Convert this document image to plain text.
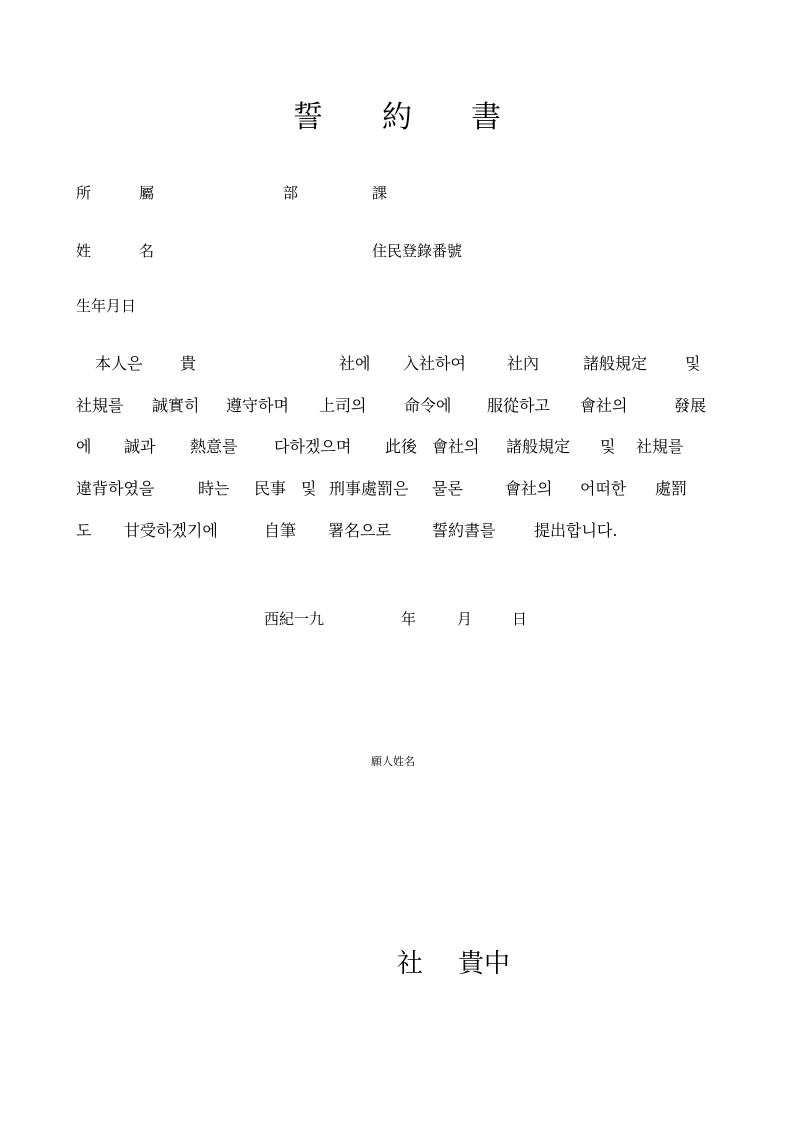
誓 約 書
所	屬	部	課
姓	名	住民登錄番號
生年月日
本人은 貴	社에 入社하여	社內	諸般規定 및
社規를 誠實히 遵守하며 上司의 命令에 服從하고 會社의	發展
에 誠과 熱意를 다하겠으며 此後 會社의 諸般規定 및 社規를
違背하였을	時는 民事 및 刑事處罰은 물론	會社의 어떠한 處罰
도 甘受하겠기에	自筆 署名으로	誓約書를 提出합니다.
西紀一九	年	月	日
願人姓名
社 貴中
